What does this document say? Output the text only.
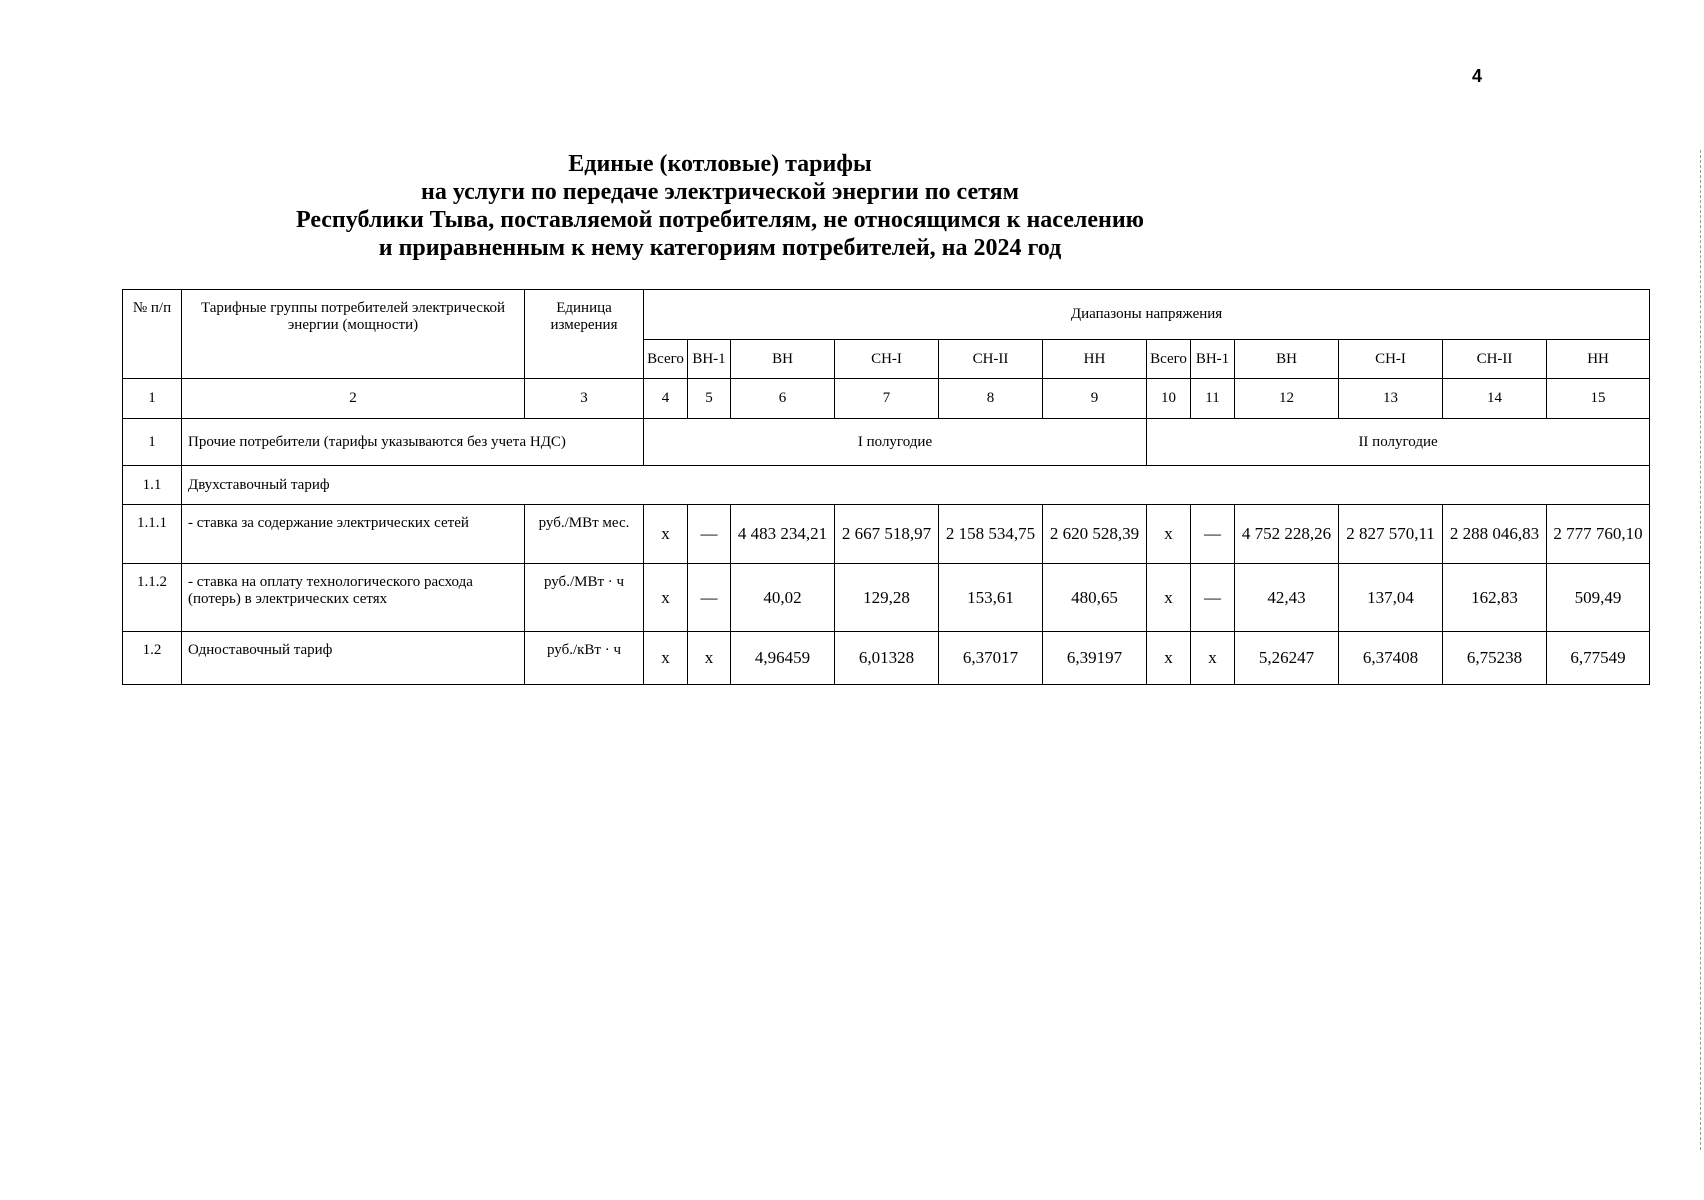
4
Единые (котловые) тарифы
на услуги по передаче электрической энергии по сетям
Республики Тыва, поставляемой потребителям, не относящимся к населению
и приравненным к нему категориям потребителей, на 2024 год
№ п/п	Тарифные группы потребителей электрической энергии (мощности)	Единица измерения	Диапазоны напряжения											
			Всего	ВН-1	ВН	СН-I	СН-II	НН	Всего	ВН-1	ВН	СН-I	СН-II	НН
1	2	3	4	5	6	7	8	9	10	11	12	13	14	15
1	Прочие потребители (тарифы указываются без учета НДС)		I полугодие						II полугодие					
1.1	Двухставочный тариф													
1.1.1	- ставка за содержание электрических сетей	руб./МВт мес.	х	—	4 483 234,21	2 667 518,97	2 158 534,75	2 620 528,39	х	—	4 752 228,26	2 827 570,11	2 288 046,83	2 777 760,10
1.1.2	- ставка на оплату технологического расхода (потерь) в электрических сетях	руб./МВт · ч	х	—	40,02	129,28	153,61	480,65	х	—	42,43	137,04	162,83	509,49
1.2	Одноставочный тариф	руб./кВт · ч	х	х	4,96459	6,01328	6,37017	6,39197	х	х	5,26247	6,37408	6,75238	6,77549
